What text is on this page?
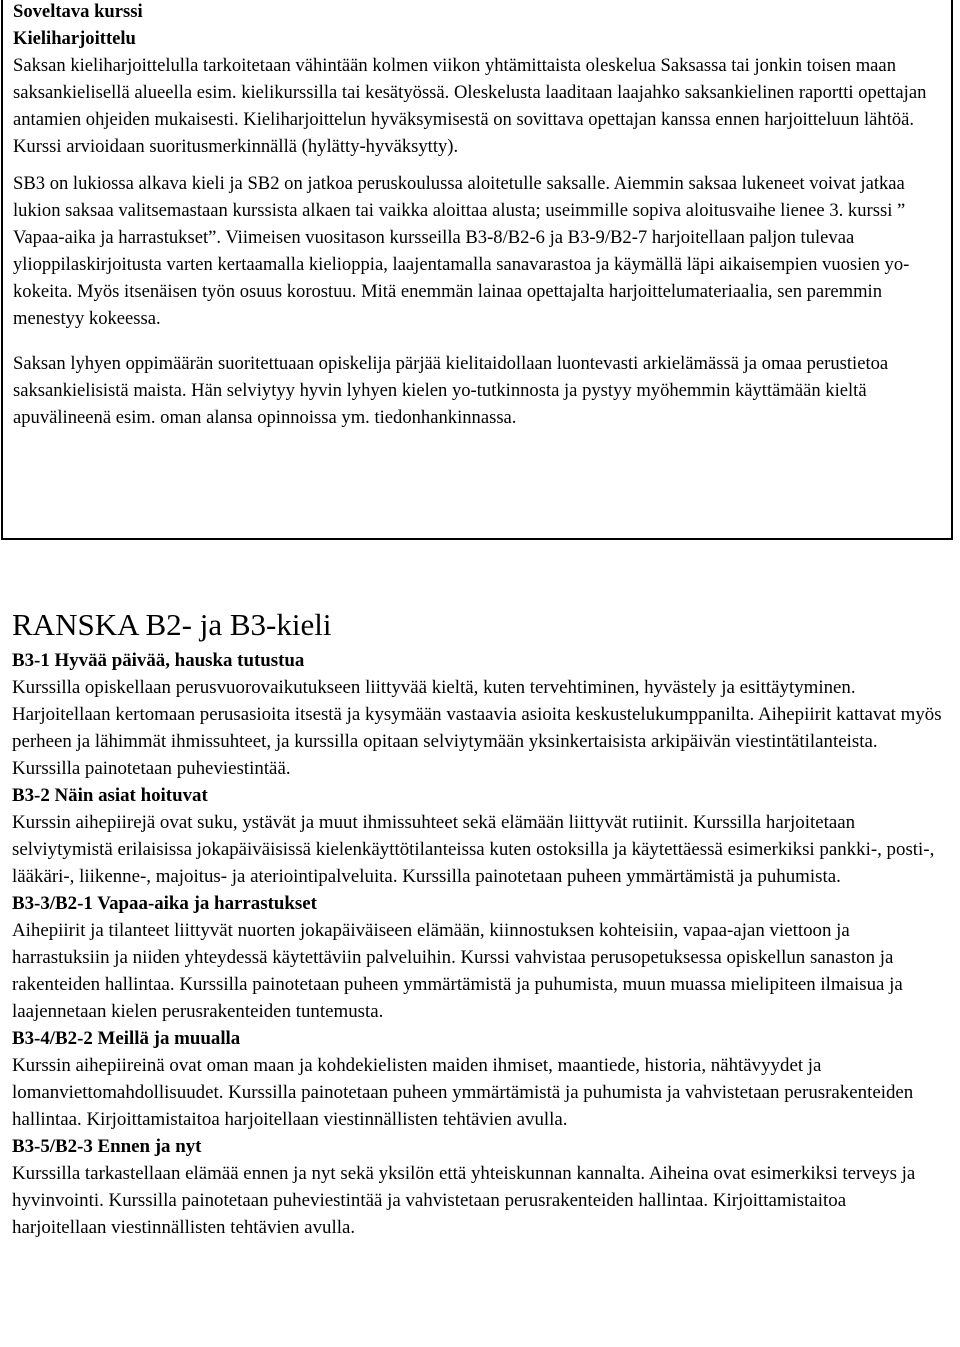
Soveltava kurssi

Kieliharjoittelu

Saksan kieliharjoittelulla tarkoitetaan vähintään kolmen viikon yhtämittaista oleskelua Saksassa tai jonkin toisen maan saksankielisellä alueella esim. kielikurssilla tai kesätyössä. Oleskelusta laaditaan laajahko saksankielinen raportti opettajan antamien ohjeiden mukaisesti. Kieliharjoittelun hyväksymisestä on sovittava opettajan kanssa ennen harjoitteluun lähtöä. Kurssi arvioidaan suoritusmerkinnällä (hylätty-hyväksytty).

SB3 on lukiossa alkava kieli ja SB2 on jatkoa peruskoulussa aloitetulle saksalle. Aiemmin saksaa lukeneet voivat jatkaa lukion saksaa valitsemastaan kurssista alkaen tai vaikka aloittaa alusta; useimmille sopiva aloitusvaihe lienee 3. kurssi ” Vapaa-aika ja harrastukset”. Viimeisen vuositason kursseilla B3-8/B2-6 ja B3-9/B2-7 harjoitellaan paljon tulevaa ylioppilaskirjoitusta varten kertaamalla kielioppia, laajentamalla sanavarastoa ja käymällä läpi aikaisempien vuosien yo-kokeita. Myös itsenäisen työn osuus korostuu. Mitä enemmän lainaa opettajalta harjoittelumateriaalia, sen paremmin menestyy kokeessa.

Saksan lyhyen oppimäärän suoritettuaan opiskelija pärjää kielitaidollaan luontevasti arkielämässä ja omaa perustietoa saksankielisistä maista. Hän selviytyy hyvin lyhyen kielen yo-tutkinnosta ja pystyy myöhemmin käyttämään kieltä apuvälineenä esim. oman alansa opinnoissa ym. tiedonhankinnassa.

RANSKA B2- ja B3-kieli

B3-1 Hyvää päivää, hauska tutustua

Kurssilla opiskellaan perusvuorovaikutukseen liittyvää kieltä, kuten tervehtiminen, hyvästely ja esittäytyminen. Harjoitellaan kertomaan perusasioita itsestä ja kysymään vastaavia asioita keskustelukumppanilta. Aihepiirit kattavat myös perheen ja lähimmät ihmissuhteet, ja kurssilla opitaan selviytymään yksinkertaisista arkipäivän viestintätilanteista. Kurssilla painotetaan puheviestintää.

B3-2 Näin asiat hoituvat

Kurssin aihepiirejä ovat suku, ystävät ja muut ihmissuhteet sekä elämään liittyvät rutiinit. Kurssilla harjoitetaan selviytymistä erilaisissa jokapäiväisissä kielenkäyttötilanteissa kuten ostoksilla ja käytettäessä esimerkiksi pankki-, posti-, lääkäri-, liikenne-, majoitus- ja ateriointipalveluita. Kurssilla painotetaan puheen ymmärtämistä ja puhumista.

B3-3/B2-1 Vapaa-aika ja harrastukset

Aihepiirit ja tilanteet liittyvät nuorten jokapäiväiseen elämään, kiinnostuksen kohteisiin, vapaa-ajan viettoon ja harrastuksiin ja niiden yhteydessä käytettäviin palveluihin. Kurssi vahvistaa perusopetuksessa opiskellun sanaston ja rakenteiden hallintaa. Kurssilla painotetaan puheen ymmärtämistä ja puhumista, muun muassa mielipiteen ilmaisua ja laajennetaan kielen perusrakenteiden tuntemusta.

B3-4/B2-2 Meillä ja muualla

Kurssin aihepiireinä ovat oman maan ja kohdekielisten maiden ihmiset, maantiede, historia, nähtävyydet ja lomanviettomahdollisuudet. Kurssilla painotetaan puheen ymmärtämistä ja puhumista ja vahvistetaan perusrakenteiden hallintaa. Kirjoittamistaitoa harjoitellaan viestinnällisten tehtävien avulla.

B3-5/B2-3 Ennen ja nyt

Kurssilla tarkastellaan elämää ennen ja nyt sekä yksilön että yhteiskunnan kannalta. Aiheina ovat esimerkiksi terveys ja hyvinvointi. Kurssilla painotetaan puheviestintää ja vahvistetaan perusrakenteiden hallintaa. Kirjoittamistaitoa harjoitellaan viestinnällisten tehtävien avulla.
